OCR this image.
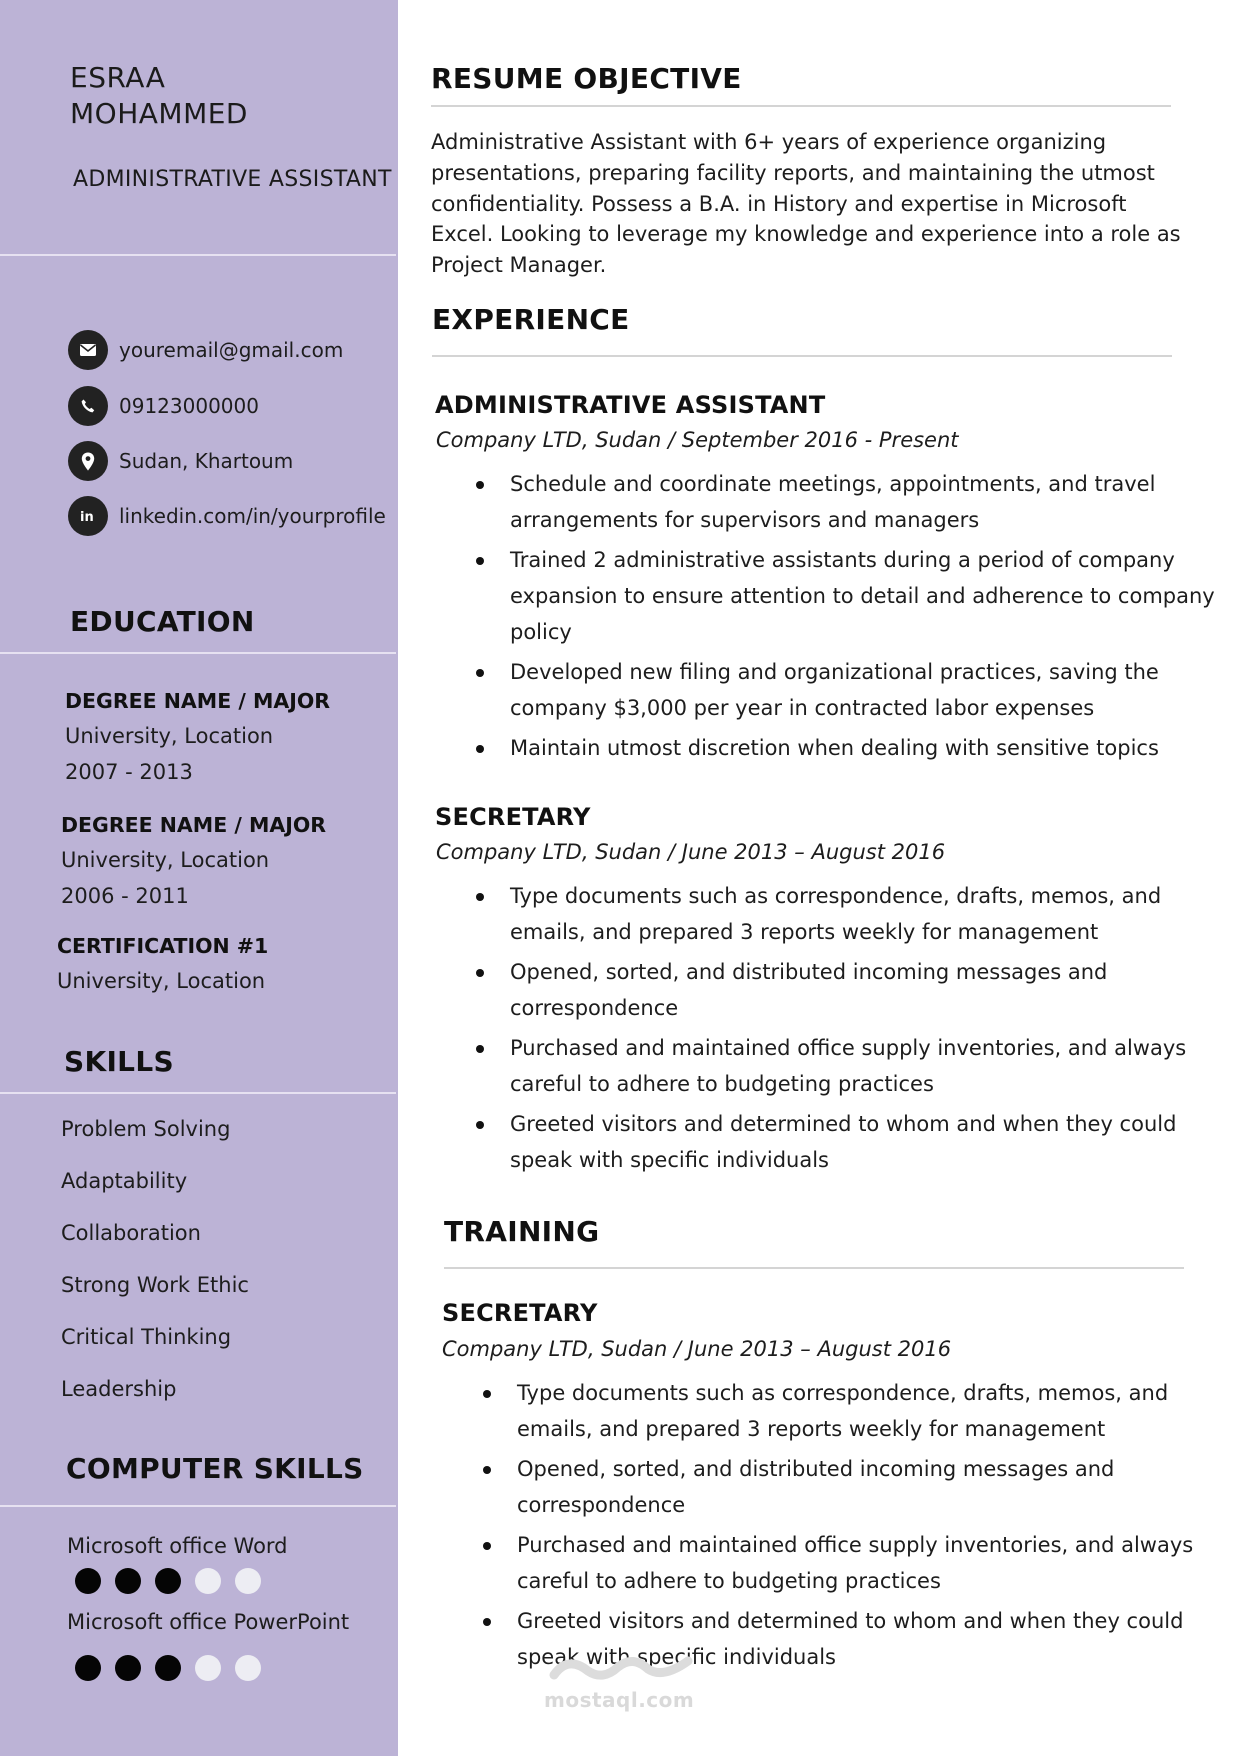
ESRAA
MOHAMMED
ADMINISTRATIVE ASSISTANT
youremail@gmail.com
09123000000
Sudan, Khartoum
in linkedin.com/in/yourprofile
EDUCATION
DEGREE NAME / MAJOR
University, Location
2007 - 2013
DEGREE NAME / MAJOR
University, Location
2006 - 2011
CERTIFICATION #1
University, Location
SKILLS
Problem Solving
Adaptability
Collaboration
Strong Work Ethic
Critical Thinking
Leadership
COMPUTER SKILLS
Microsoft office Word
Microsoft office PowerPoint
RESUME OBJECTIVE
Administrative Assistant with 6+ years of experience organizing presentations, preparing facility reports, and maintaining the utmost confidentiality. Possess a B.A. in History and expertise in Microsoft Excel. Looking to leverage my knowledge and experience into a role as Project Manager.
EXPERIENCE
ADMINISTRATIVE ASSISTANT
Company LTD, Sudan / September 2016 - Present
Schedule and coordinate meetings, appointments, and travel arrangements for supervisors and managers
Trained 2 administrative assistants during a period of company expansion to ensure attention to detail and adherence to company policy
Developed new filing and organizational practices, saving the company $3,000 per year in contracted labor expenses
Maintain utmost discretion when dealing with sensitive topics
SECRETARY
Company LTD, Sudan / June 2013 – August 2016
Type documents such as correspondence, drafts, memos, and emails, and prepared 3 reports weekly for management
Opened, sorted, and distributed incoming messages and correspondence
Purchased and maintained office supply inventories, and always careful to adhere to budgeting practices
Greeted visitors and determined to whom and when they could speak with specific individuals
TRAINING
SECRETARY
Company LTD, Sudan / June 2013 – August 2016
Type documents such as correspondence, drafts, memos, and emails, and prepared 3 reports weekly for management
Opened, sorted, and distributed incoming messages and correspondence
Purchased and maintained office supply inventories, and always careful to adhere to budgeting practices
Greeted visitors and determined to whom and when they could speak with specific individuals
mostaql.com
